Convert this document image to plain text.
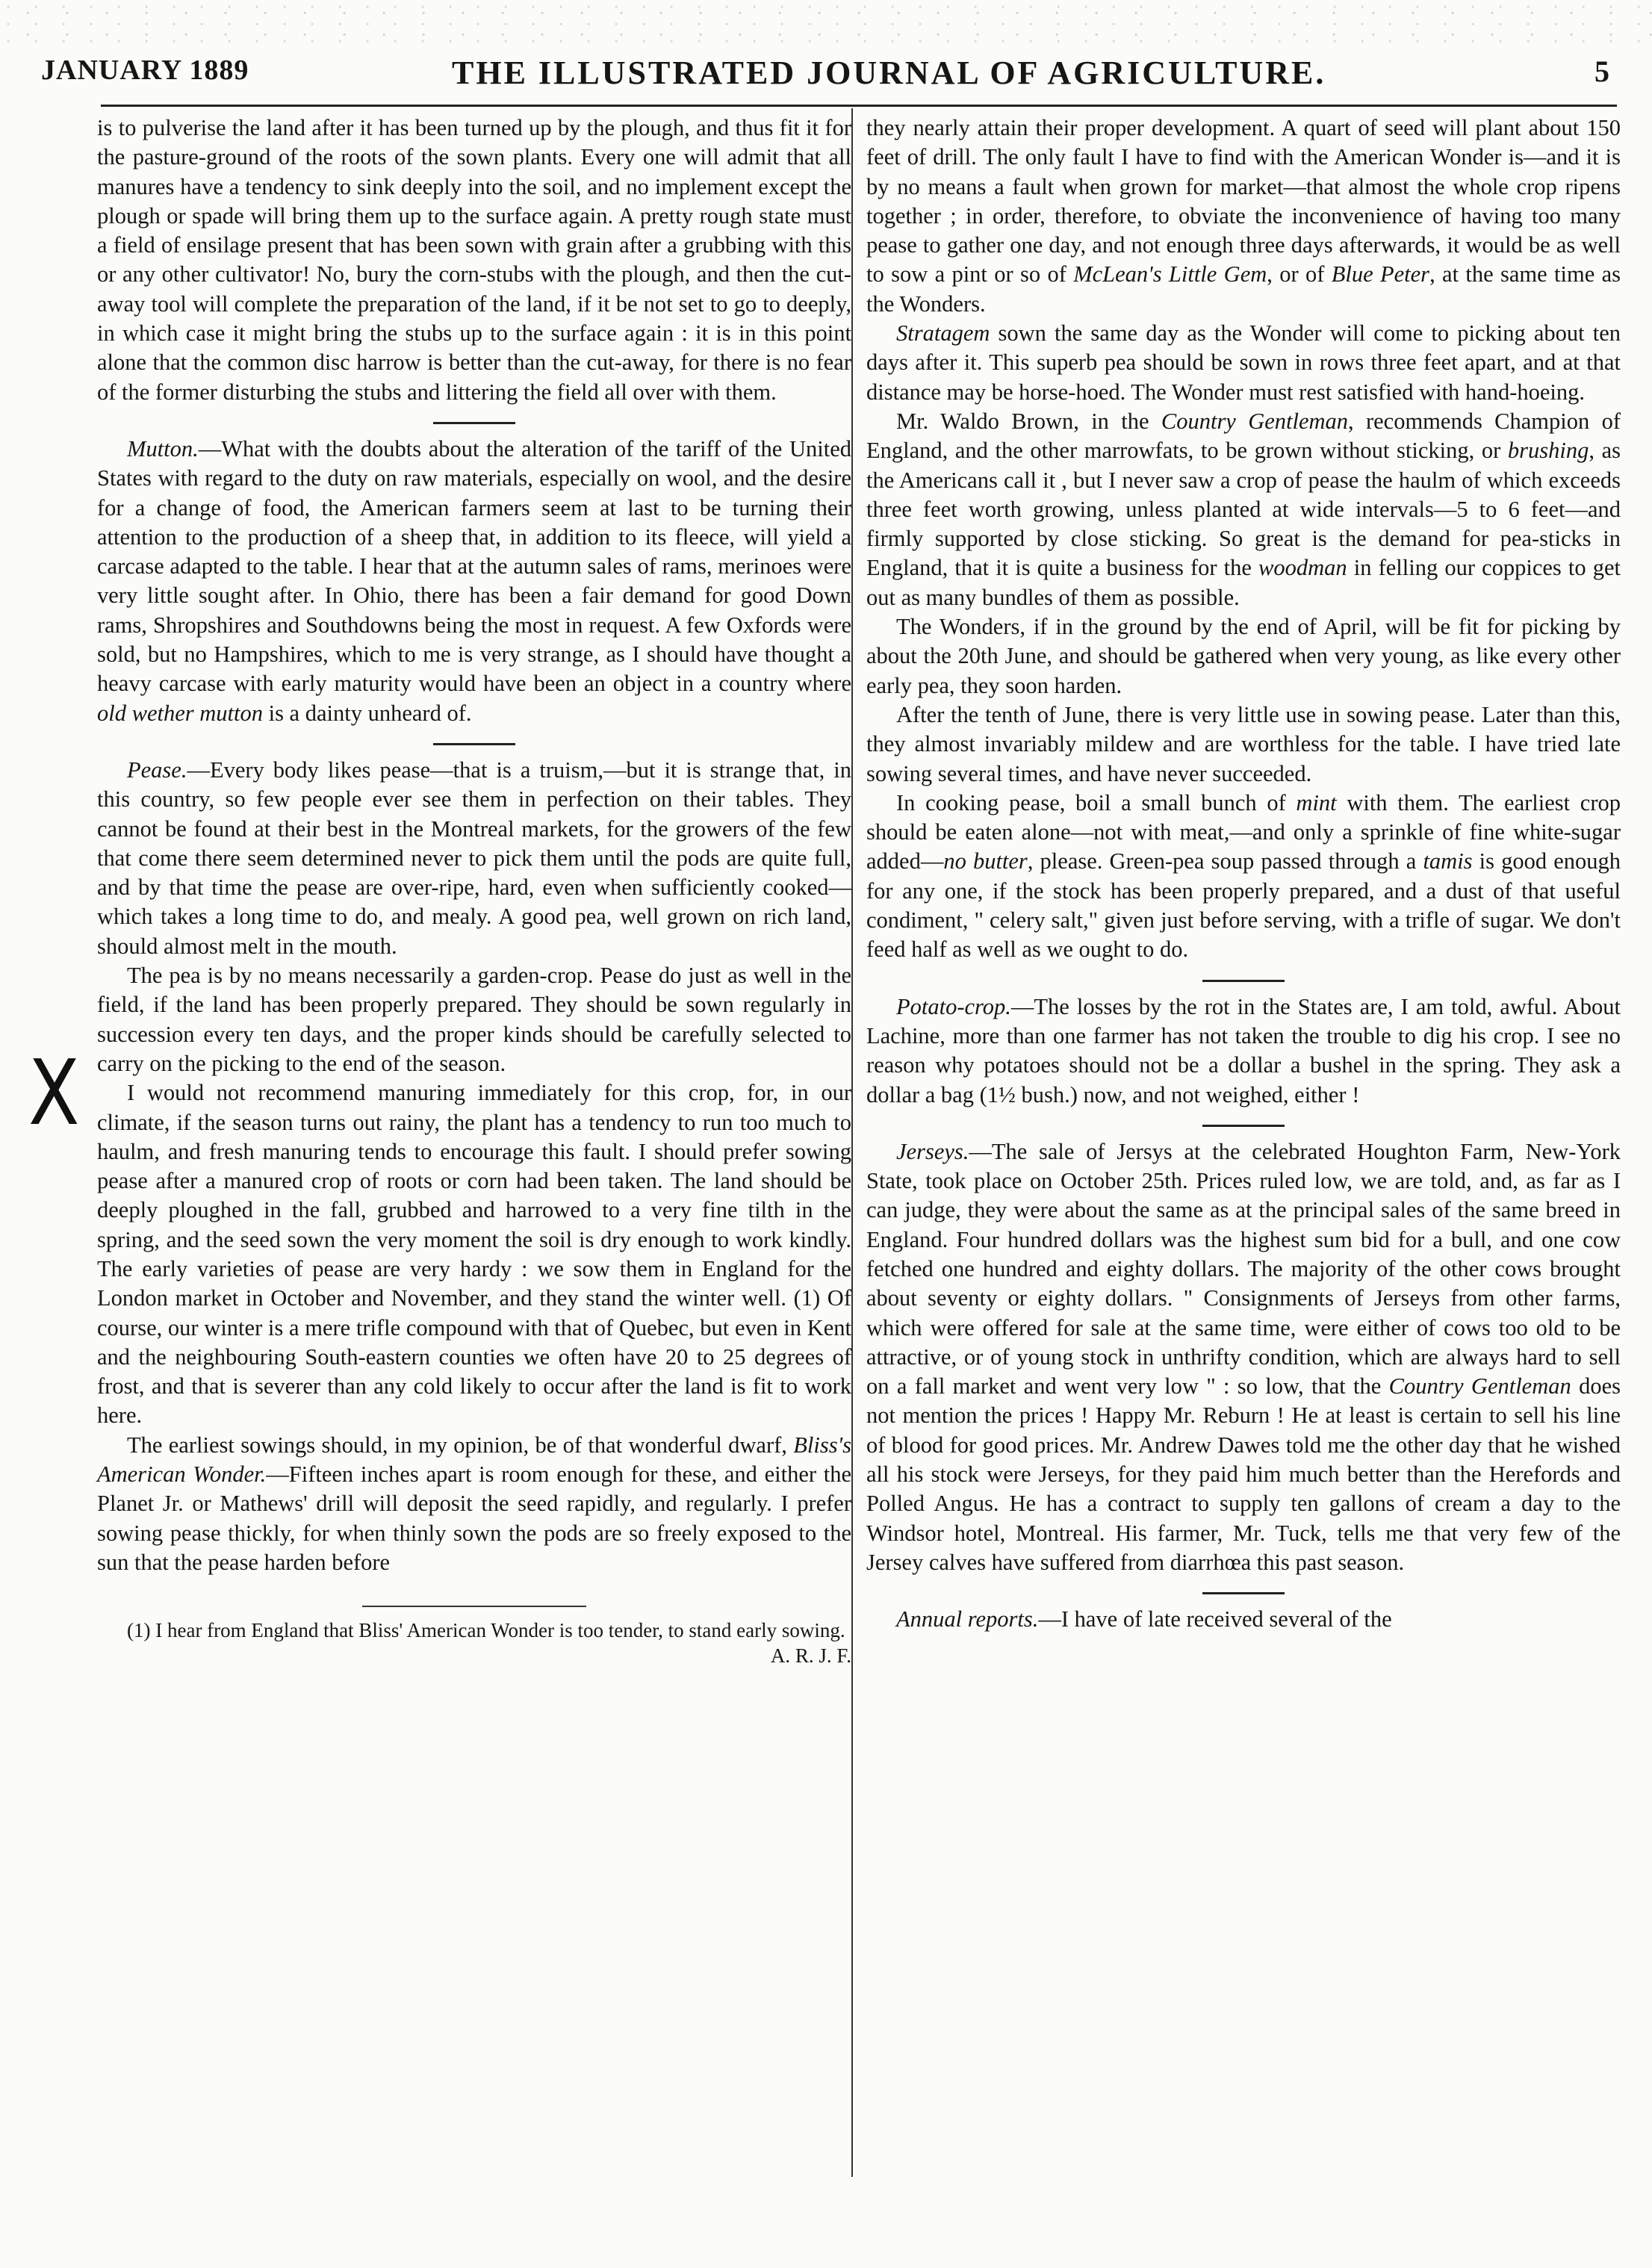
JANUARY 1889	THE ILLUSTRATED JOURNAL OF AGRICULTURE.	5
X

is to pulverise the land after it has been turned up by the plough, and thus fit it for the pasture-ground of the roots of the sown plants. Every one will admit that all manures have a tendency to sink deeply into the soil, and no implement except the plough or spade will bring them up to the surface again. A pretty rough state must a field of ensilage present that has been sown with grain after a grubbing with this or any other cultivator! No, bury the corn-stubs with the plough, and then the cut-away tool will complete the preparation of the land, if it be not set to go to deeply, in which case it might bring the stubs up to the surface again : it is in this point alone that the common disc harrow is better than the cut-away, for there is no fear of the former disturbing the stubs and littering the field all over with them.

Mutton.—What with the doubts about the alteration of the tariff of the United States with regard to the duty on raw materials, especially on wool, and the desire for a change of food, the American farmers seem at last to be turning their attention to the production of a sheep that, in addition to its fleece, will yield a carcase adapted to the table. I hear that at the autumn sales of rams, merinoes were very little sought after. In Ohio, there has been a fair demand for good Down rams, Shropshires and Southdowns being the most in request. A few Oxfords were sold, but no Hampshires, which to me is very strange, as I should have thought a heavy carcase with early maturity would have been an object in a country where old wether mutton is a dainty unheard of.

Pease.—Every body likes pease—that is a truism,—but it is strange that, in this country, so few people ever see them in perfection on their tables. They cannot be found at their best in the Montreal markets, for the growers of the few that come there seem determined never to pick them until the pods are quite full, and by that time the pease are over-ripe, hard, even when sufficiently cooked—which takes a long time to do, and mealy. A good pea, well grown on rich land, should almost melt in the mouth.

The pea is by no means necessarily a garden-crop. Pease do just as well in the field, if the land has been properly prepared. They should be sown regularly in succession every ten days, and the proper kinds should be carefully selected to carry on the picking to the end of the season.

I would not recommend manuring immediately for this crop, for, in our climate, if the season turns out rainy, the plant has a tendency to run too much to haulm, and fresh manuring tends to encourage this fault. I should prefer sowing pease after a manured crop of roots or corn had been taken. The land should be deeply ploughed in the fall, grubbed and harrowed to a very fine tilth in the spring, and the seed sown the very moment the soil is dry enough to work kindly. The early varieties of pease are very hardy : we sow them in England for the London market in October and November, and they stand the winter well. (1) Of course, our winter is a mere trifle compound with that of Quebec, but even in Kent and the neighbouring South-eastern counties we often have 20 to 25 degrees of frost, and that is severer than any cold likely to occur after the land is fit to work here.

The earliest sowings should, in my opinion, be of that wonderful dwarf, Bliss's American Wonder.—Fifteen inches apart is room enough for these, and either the Planet Jr. or Mathews' drill will deposit the seed rapidly, and regularly. I prefer sowing pease thickly, for when thinly sown the pods are so freely exposed to the sun that the pease harden before

(1) I hear from England that Bliss' American Wonder is too tender, to stand early sowing.
A. R. J. F.

they nearly attain their proper development. A quart of seed will plant about 150 feet of drill. The only fault I have to find with the American Wonder is—and it is by no means a fault when grown for market—that almost the whole crop ripens together ; in order, therefore, to obviate the inconvenience of having too many pease to gather one day, and not enough three days afterwards, it would be as well to sow a pint or so of McLean's Little Gem, or of Blue Peter, at the same time as the Wonders.

Stratagem sown the same day as the Wonder will come to picking about ten days after it. This superb pea should be sown in rows three feet apart, and at that distance may be horse-hoed. The Wonder must rest satisfied with hand-hoeing.

Mr. Waldo Brown, in the Country Gentleman, recommends Champion of England, and the other marrowfats, to be grown without sticking, or brushing, as the Americans call it , but I never saw a crop of pease the haulm of which exceeds three feet worth growing, unless planted at wide intervals—5 to 6 feet—and firmly supported by close sticking. So great is the demand for pea-sticks in England, that it is quite a business for the woodman in felling our coppices to get out as many bundles of them as possible.

The Wonders, if in the ground by the end of April, will be fit for picking by about the 20th June, and should be gathered when very young, as like every other early pea, they soon harden.

After the tenth of June, there is very little use in sowing pease. Later than this, they almost invariably mildew and are worthless for the table. I have tried late sowing several times, and have never succeeded.

In cooking pease, boil a small bunch of mint with them. The earliest crop should be eaten alone—not with meat,—and only a sprinkle of fine white-sugar added—no butter, please. Green-pea soup passed through a tamis is good enough for any one, if the stock has been properly prepared, and a dust of that useful condiment, " celery salt," given just before serving, with a trifle of sugar. We don't feed half as well as we ought to do.

Potato-crop.—The losses by the rot in the States are, I am told, awful. About Lachine, more than one farmer has not taken the trouble to dig his crop. I see no reason why potatoes should not be a dollar a bushel in the spring. They ask a dollar a bag (1½ bush.) now, and not weighed, either !

Jerseys.—The sale of Jersys at the celebrated Houghton Farm, New-York State, took place on October 25th. Prices ruled low, we are told, and, as far as I can judge, they were about the same as at the principal sales of the same breed in England. Four hundred dollars was the highest sum bid for a bull, and one cow fetched one hundred and eighty dollars. The majority of the other cows brought about seventy or eighty dollars. " Consignments of Jerseys from other farms, which were offered for sale at the same time, were either of cows too old to be attractive, or of young stock in unthrifty condition, which are always hard to sell on a fall market and went very low " : so low, that the Country Gentleman does not mention the prices ! Happy Mr. Reburn ! He at least is certain to sell his line of blood for good prices. Mr. Andrew Dawes told me the other day that he wished all his stock were Jerseys, for they paid him much better than the Herefords and Polled Angus. He has a contract to supply ten gallons of cream a day to the Windsor hotel, Montreal. His farmer, Mr. Tuck, tells me that very few of the Jersey calves have suffered from diarrhœa this past season.

Annual reports.—I have of late received several of the
